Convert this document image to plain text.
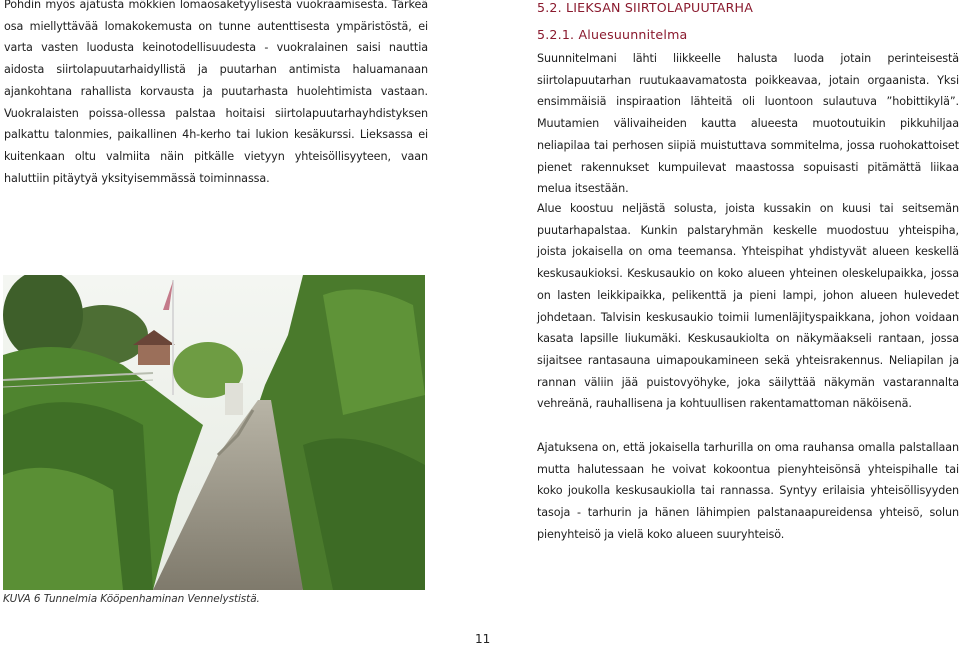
Pohdin myös ajatusta mökkien lomaosaketyylisestä vuokraamisesta. Tärkeä osa miellyttävää lomakokemusta on tunne autenttisesta ympäristöstä, ei varta vasten luodusta keinotodellisuudesta - vuokralainen saisi nauttia aidosta siirtolapuutarhaidyllistä ja puutarhan antimista haluamanaan ajankohtana rahallista korvausta ja puutarhasta huolehtimista vastaan. Vuokralaisten poissa-ollessa palstaa hoitaisi siirtolapuutarhayhdistyksen palkattu talonmies, paikallinen 4h-kerho tai lukion kesäkurssi. Lieksassa ei kuitenkaan oltu valmiita näin pitkälle vietyyn yhteisöllisyyteen, vaan haluttiin pitäytyä yksityisemmässä toiminnassa.

KUVA 6 Tunnelmia Kööpenhaminan Vennelystistä.

5.2. LIEKSAN SIIRTOLAPUUTARHA
5.2.1. Aluesuunnitelma

Suunnitelmani lähti liikkeelle halusta luoda jotain perinteisestä siirtolapuutarhan ruutukaavamatosta poikkeavaa, jotain orgaanista. Yksi ensimmäisiä inspiraation lähteitä oli luontoon sulautuva ”hobittikylä”. Muutamien välivaiheiden kautta alueesta muotoutuikin pikkuhiljaa neliapilaa tai perhosen siipiä muistuttava sommitelma, jossa ruohokattoiset pienet rakennukset kumpuilevat maastossa sopuisasti pitämättä liikaa melua itsestään.

Alue koostuu neljästä solusta, joista kussakin on kuusi tai seitsemän puutarhapalstaa. Kunkin palstaryhmän keskelle muodostuu yhteispiha, joista jokaisella on oma teemansa. Yhteispihat yhdistyvät alueen keskellä keskusaukioksi. Keskusaukio on koko alueen yhteinen oleskelupaikka, jossa on lasten leikkipaikka, pelikenttä ja pieni lampi, johon alueen hulevedet johdetaan. Talvisin keskusaukio toimii lumenläjityspaikkana, johon voidaan kasata lapsille liukumäki. Keskusaukiolta on näkymäakseli rantaan, jossa sijaitsee rantasauna uimapoukamineen sekä yhteisrakennus. Neliapilan ja rannan väliin jää puistovyöhyke, joka säilyttää näkymän vastarannalta vehreänä, rauhallisena ja kohtuullisen rakentamattoman näköisenä.

Ajatuksena on, että jokaisella tarhurilla on oma rauhansa omalla palstallaan mutta halutessaan he voivat kokoontua pienyhteisönsä yhteispihalle tai koko joukolla keskusaukiolla tai rannassa. Syntyy erilaisia yhteisöllisyyden tasoja - tarhurin ja hänen lähimpien palstanaapureidensa yhteisö, solun pienyhteisö ja vielä koko alueen suuryhteisö.

11
